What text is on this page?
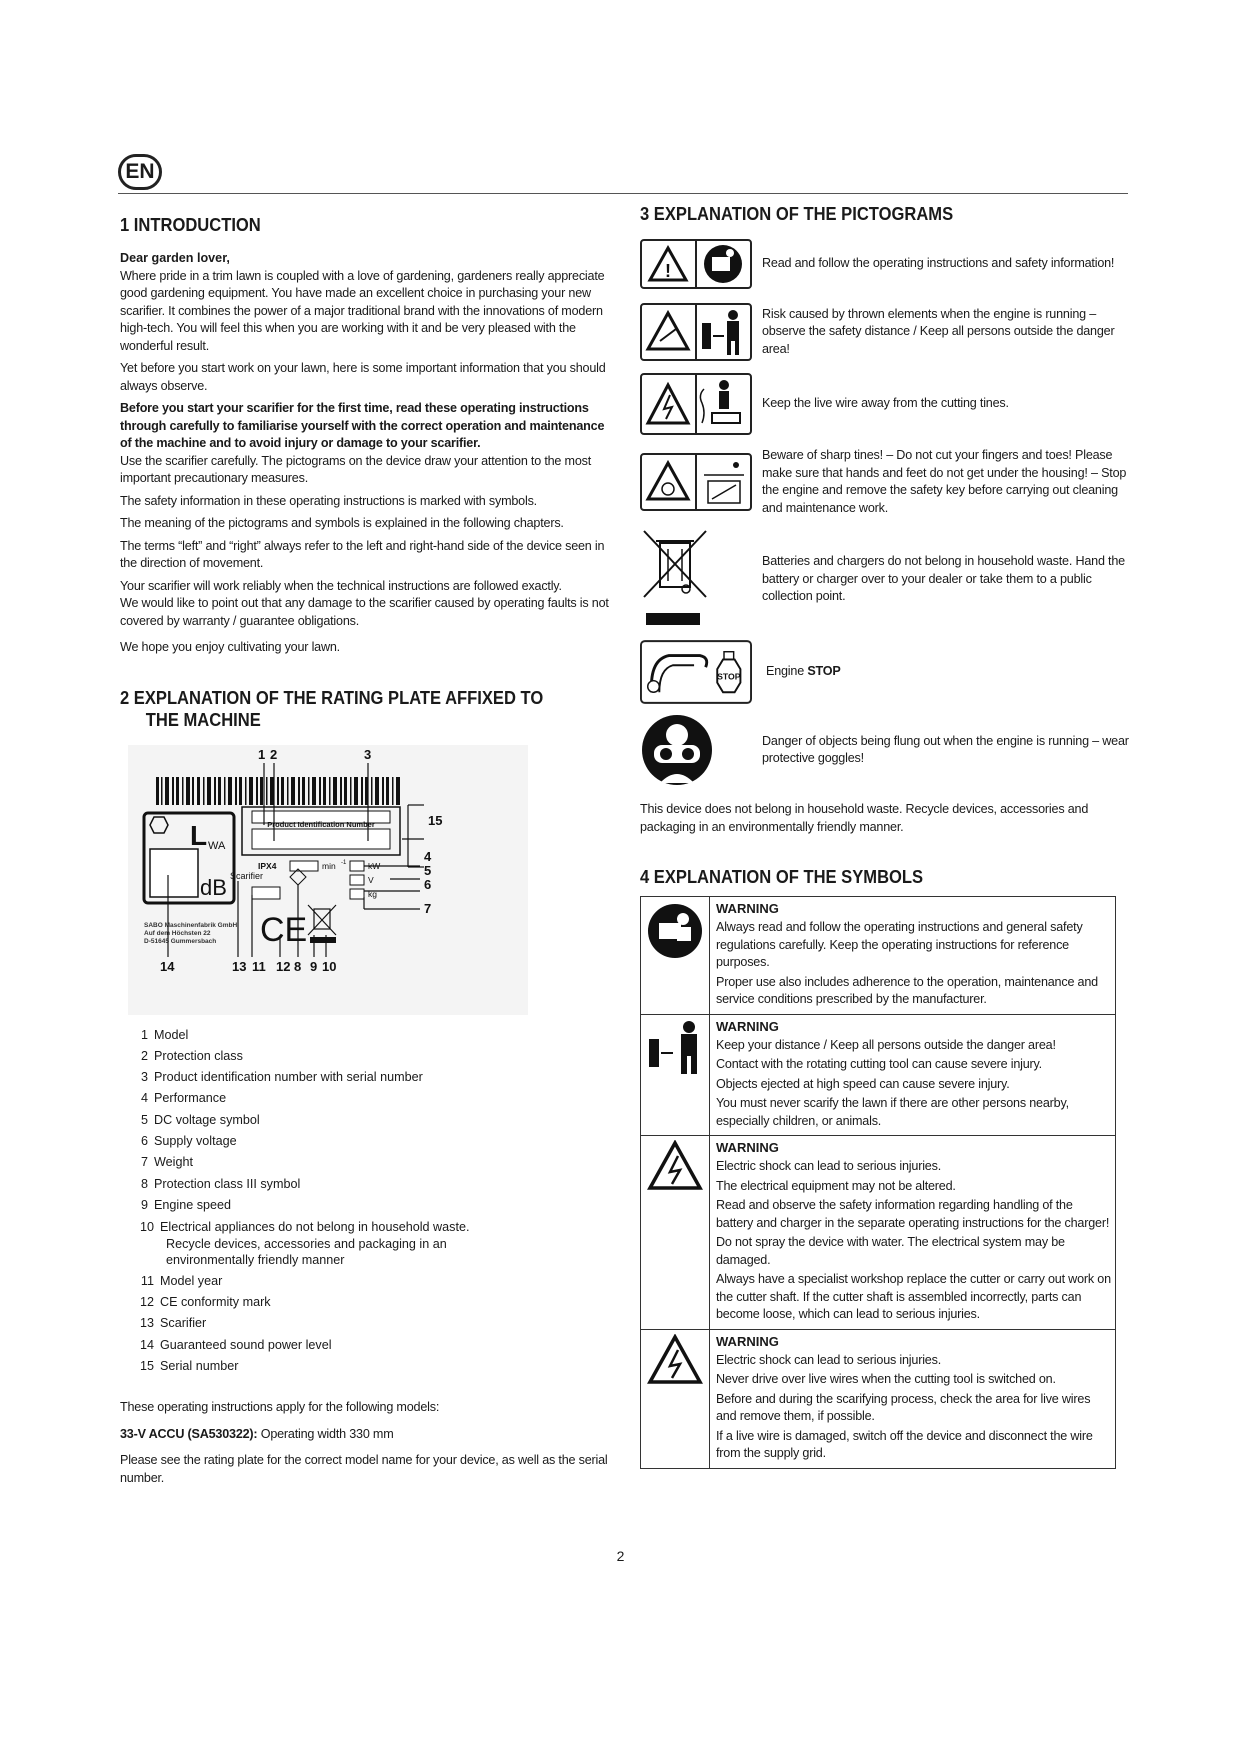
EN
1 INTRODUCTION

Dear garden lover,

Where pride in a trim lawn is coupled with a love of gardening, gardeners really appreciate good gardening equipment. You have made an excellent choice in purchasing your new scarifier. It combines the power of a major traditional brand with the innovations of modern high-tech. You will feel this when you are working with it and be very pleased with the wonderful result.

Yet before you start work on your lawn, here is some important information that you should always observe.

Before you start your scarifier for the first time, read these operating instructions through carefully to familiarise yourself with the correct operation and maintenance of the machine and to avoid injury or damage to your scarifier.

Use the scarifier carefully. The pictograms on the device draw your attention to the most important precautionary measures.

The safety information in these operating instructions is marked with symbols.

The meaning of the pictograms and symbols is explained in the following chapters.

The terms “left” and “right” always refer to the left and right-hand side of the device seen in the direction of movement.

Your scarifier will work reliably when the technical instructions are followed exactly.

We would like to point out that any damage to the scarifier caused by operating faults is not covered by warranty / guarantee obligations.

We hope you enjoy cultivating your lawn.

2 EXPLANATION OF THE RATING PLATE AFFIXED TO THE MACHINE
L WA
dB
Product Identification Number
IPX4	min -1	kW
V
kg
Scarifier
SABO Maschinenfabrik GmbH
Auf dem Höchsten 22
D-51645 Gummersbach CE
1 2	3
4
5
6
7
14	13 11 12 8 9 10
15
1 Model
2 Protection class
3 Product identification number with serial number
4 Performance
5 DC voltage symbol
6 Supply voltage
7 Weight
8 Protection class III symbol
9 Engine speed
10 Electrical appliances do not belong in household waste.
Recycle devices, accessories and packaging in an
environmentally friendly manner
11 Model year
12 CE conformity mark
13 Scarifier
14 Guaranteed sound power level
15 Serial number

These operating instructions apply for the following models:

33-V ACCU (SA530322): Operating width 330 mm

Please see the rating plate for the correct model name for your device, as well as the serial number.

3 EXPLANATION OF THE PICTOGRAMS
!	Read and follow the operating instructions and safety information!

Risk caused by thrown elements when the engine is running – observe the safety distance / Keep all persons outside the danger area!

Keep the live wire away from the cutting tines.

Beware of sharp tines! – Do not cut your fingers and toes! Please make sure that hands and feet do not get under the housing! – Stop the engine and remove the safety key before carrying out cleaning and maintenance work.

Batteries and chargers do not belong in household waste. Hand the battery or charger over to your dealer or take them to a public collection point.

STOP Engine STOP

Danger of objects being flung out when the engine is running – wear protective goggles!

This device does not belong in household waste. Recycle devices, accessories and packaging in an environmentally friendly manner.

4 EXPLANATION OF THE SYMBOLS
WARNING

Always read and follow the operating instructions and general safety regulations carefully. Keep the operating instructions for reference purposes.

Proper use also includes adherence to the operation, maintenance and service conditions prescribed by the manufacturer.

WARNING

Keep your distance / Keep all persons outside the danger area!

Contact with the rotating cutting tool can cause severe injury.

Objects ejected at high speed can cause severe injury.

You must never scarify the lawn if there are other persons nearby, especially children, or animals.

WARNING

Electric shock can lead to serious injuries.

The electrical equipment may not be altered.

Read and observe the safety information regarding handling of the battery and charger in the separate operating instructions for the charger!

Do not spray the device with water. The electrical system may be damaged.

Always have a specialist workshop replace the cutter or carry out work on the cutter shaft. If the cutter shaft is assembled incorrectly, parts can become loose, which can lead to serious injuries.

WARNING

Electric shock can lead to serious injuries.

Never drive over live wires when the cutting tool is switched on.

Before and during the scarifying process, check the area for live wires and remove them, if possible.

If a live wire is damaged, switch off the device and disconnect the wire from the supply grid.

2
